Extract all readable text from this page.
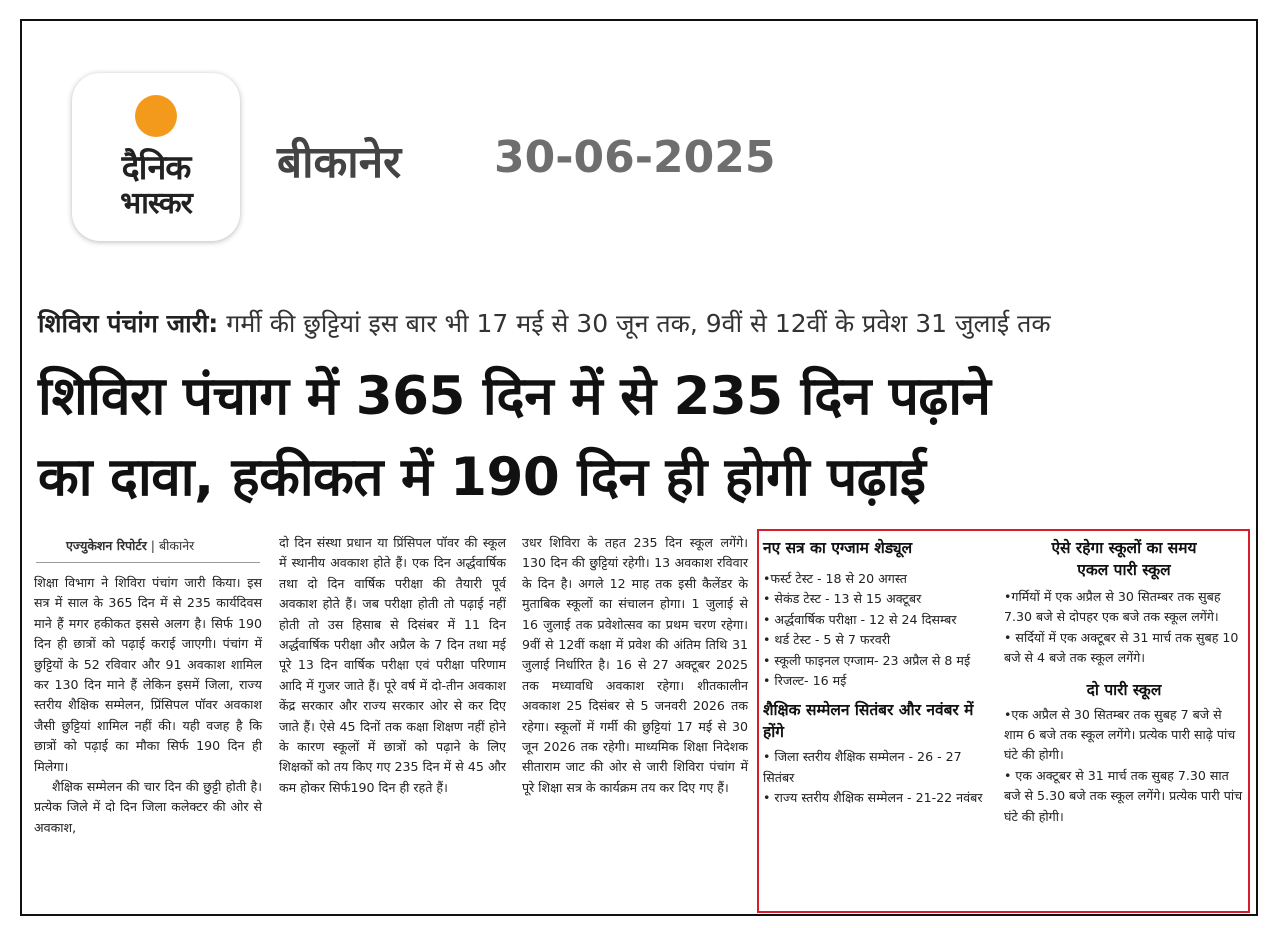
दैनिक
भास्कर
बीकानेर 30-06-2025
शिविरा पंचांग जारी: गर्मी की छुट्टियां इस बार भी 17 मई से 30 जून तक, 9वीं से 12वीं के प्रवेश 31 जुलाई तक
शिविरा पंचाग में 365 दिन में से 235 दिन पढ़ाने
का दावा, हकीकत में 190 दिन ही होगी पढ़ाई
एज्युकेशन रिपोर्टर | बीकानेर

शिक्षा विभाग ने शिविरा पंचांग जारी किया। इस सत्र में साल के 365 दिन में से 235 कार्यदिवस माने हैं मगर हकीकत इससे अलग है। सिर्फ 190 दिन ही छात्रों को पढ़ाई कराई जाएगी। पंचांग में छुट्टियों के 52 रविवार और 91 अवकाश शामिल कर 130 दिन माने हैं लेकिन इसमें जिला, राज्य स्तरीय शैक्षिक सम्मेलन, प्रिंसिपल पॉवर अवकाश जैसी छुट्टियां शामिल नहीं की। यही वजह है कि छात्रों को पढ़ाई का मौका सिर्फ 190 दिन ही मिलेगा।

शैक्षिक सम्मेलन की चार दिन की छुट्टी होती है। प्रत्येक जिले में दो दिन जिला कलेक्टर की ओर से अवकाश,

दो दिन संस्था प्रधान या प्रिंसिपल पॉवर की स्कूल में स्थानीय अवकाश होते हैं। एक दिन अर्द्धवार्षिक तथा दो दिन वार्षिक परीक्षा की तैयारी पूर्व अवकाश होते हैं। जब परीक्षा होती तो पढ़ाई नहीं होती तो उस हिसाब से दिसंबर में 11 दिन अर्द्धवार्षिक परीक्षा और अप्रैल के 7 दिन तथा मई पूरे 13 दिन वार्षिक परीक्षा एवं परीक्षा परिणाम आदि में गुजर जाते हैं। पूरे वर्ष में दो-तीन अवकाश केंद्र सरकार और राज्य सरकार ओर से कर दिए जाते हैं। ऐसे 45 दिनों तक कक्षा शिक्षण नहीं होने के कारण स्कूलों में छात्रों को पढ़ाने के लिए शिक्षकों को तय किए गए 235 दिन में से 45 और कम होकर सिर्फ190 दिन ही रहते हैं।

उधर शिविरा के तहत 235 दिन स्कूल लगेंगे। 130 दिन की छुट्टियां रहेगी। 13 अवकाश रविवार के दिन है। अगले 12 माह तक इसी कैलेंडर के मुताबिक स्कूलों का संचालन होगा। 1 जुलाई से 16 जुलाई तक प्रवेशोत्सव का प्रथम चरण रहेगा। 9वीं से 12वीं कक्षा में प्रवेश की अंतिम तिथि 31 जुलाई निर्धारित है। 16 से 27 अक्टूबर 2025 तक मध्यावधि अवकाश रहेगा। शीतकालीन अवकाश 25 दिसंबर से 5 जनवरी 2026 तक रहेगा। स्कूलों में गर्मी की छुट्टियां 17 मई से 30 जून 2026 तक रहेगी। माध्यमिक शिक्षा निदेशक सीताराम जाट की ओर से जारी शिविरा पंचांग में पूरे शिक्षा सत्र के कार्यक्रम तय कर दिए गए हैं।

नए सत्र का एग्जाम शेड्यूल

•फर्स्ट टेस्ट - 18 से 20 अगस्त

• सेकंड टेस्ट - 13 से 15 अक्टूबर

• अर्द्धवार्षिक परीक्षा - 12 से 24 दिसम्बर

• थर्ड टेस्ट - 5 से 7 फरवरी

• स्कूली फाइनल एग्जाम- 23 अप्रैल से 8 मई

• रिजल्ट- 16 मई

शैक्षिक सम्मेलन सितंबर और नवंबर में होंगे

• जिला स्तरीय शैक्षिक सम्मेलन - 26 - 27 सितंबर

• राज्य स्तरीय शैक्षिक सम्मेलन - 21-22 नवंबर

ऐसे रहेगा स्कूलों का समय
एकल पारी स्कूल

•गर्मियों में एक अप्रैल से 30 सितम्बर तक सुबह 7.30 बजे से दोपहर एक बजे तक स्कूल लगेंगे।

• सर्दियों में एक अक्टूबर से 31 मार्च तक सुबह 10 बजे से 4 बजे तक स्कूल लगेंगे।

दो पारी स्कूल

•एक अप्रैल से 30 सितम्बर तक सुबह 7 बजे से शाम 6 बजे तक स्कूल लगेंगे। प्रत्येक पारी साढ़े पांच घंटे की होगी।

• एक अक्टूबर से 31 मार्च तक सुबह 7.30 सात बजे से 5.30 बजे तक स्कूल लगेंगे। प्रत्येक पारी पांच घंटे की होगी।
